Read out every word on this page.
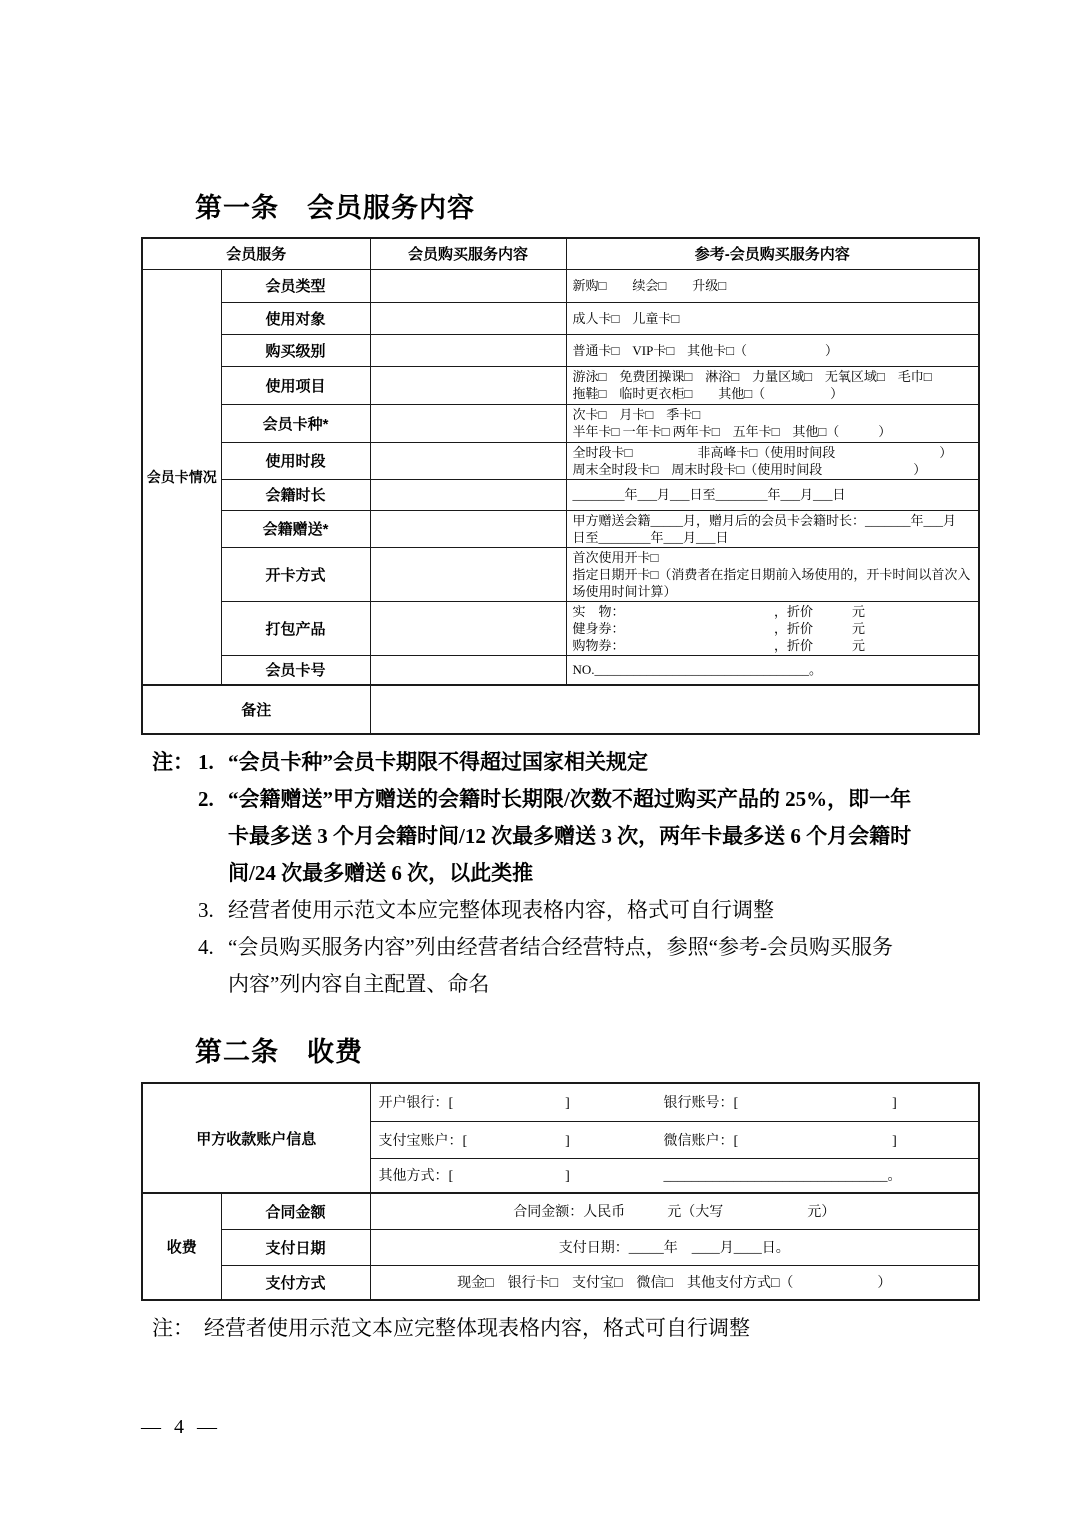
第一条　会员服务内容
会员服务		会员购买服务内容	参考-会员购买服务内容
会员卡情况	会员类型		新购□　　续会□　　升级□

	使用对象		成人卡□　儿童卡□

	购买级别		普通卡□　VIP卡□　其他卡□（　　　　　　）

	使用项目		游泳□　免费团操课□　淋浴□　力量区域□　无氧区域□　毛巾□
拖鞋□　临时更衣柜□　　其他□（　　　　　）

	会员卡种*		次卡□　月卡□　季卡□
半年卡□ 一年卡□ 两年卡□　五年卡□　其他□（　　　）

	使用时段		全时段卡□　　　　　非高峰卡□（使用时间段　　　　　　　　）
周末全时段卡□　周末时段卡□（使用时间段　　　　　　　）

	会籍时长		________年___月___日至________年___月___日

	会籍赠送*		甲方赠送会籍_____月，赠月后的会员卡会籍时长：_______年___月
日至________年___月___日

	开卡方式		首次使用开卡□
指定日期开卡□（消费者在指定日期前入场使用的，开卡时间以首次入场使用时间计算）

	打包产品		实　物：　　　　　　　　　　　　，折价　　　元
健身券：　　　　　　　　　　　　，折价　　　元
购物券：　　　　　　　　　　　　，折价　　　元

	会员卡号		NO._________________________________。

备注			
注： 1. “会员卡种”会员卡期限不得超过国家相关规定
2. “会籍赠送”甲方赠送的会籍时长期限/次数不超过购买产品的 25%，即一年
卡最多送 3 个月会籍时间/12 次最多赠送 3 次，两年卡最多送 6 个月会籍时
间/24 次最多赠送 6 次，以此类推
3. 经营者使用示范文本应完整体现表格内容，格式可自行调整
4. “会员购买服务内容”列由经营者结合经营特点，参照“参考-会员购买服务
内容”列内容自主配置、命名
第二条　收费
甲方收款账户信息		开户银行：[　　　　　　　　] 银行账号：[　　　　　　　　　　　]
		支付宝账户：[　　　　　　　] 微信账户：[　　　　　　　　　　　]
		其他方式：[　　　　　　　　] ________________________________。
收费	合同金额	合同金额：人民币　　　元（大写　　　　　　元）
	支付日期	支付日期：_____年　____月____日。
	支付方式	现金□　银行卡□　支付宝□　微信□　其他支付方式□（　　　　　　）
注： 经营者使用示范文本应完整体现表格内容，格式可自行调整
— 4 —
